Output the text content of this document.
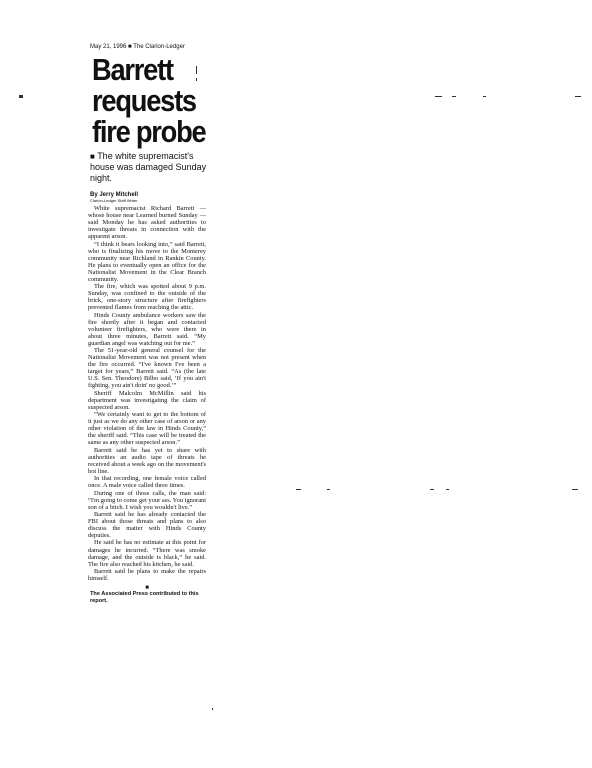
May 21, 1996 ■ The Clarion-Ledger
Barrett
requests
fire probe
■ The white supremacist's house was damaged Sunday night.
By Jerry Mitchell
Clarion-Ledger Staff Writer

White supremacist Richard Barrett — whose house near Learned burned Sunday — said Monday he has asked authorities to investigate threats in connection with the apparent arson.

“I think it bears looking into,” said Barrett, who is finalizing his move to the Monterey community near Richland in Rankin County. He plans to eventually open an office for the Nationalist Movement in the Clear Branch community.

The fire, which was spotted about 9 p.m. Sunday, was confined to the outside of the brick, one-story structure after firefighters prevented flames from reaching the attic.

Hinds County ambulance workers saw the fire shortly after it began and contacted volunteer firefighters, who were there in about three minutes, Barrett said. “My guardian angel was watching out for me.”

The 51-year-old general counsel for the Nationalist Movement was not present when the fire occurred. “I've known I've been a target for years,” Barrett said. “As (the late U.S. Sen. Theodore) Bilbo said, ‘If you ain't fighting, you ain't doin' no good.’”

Sheriff Malcolm McMillin said his department was investigating the claim of suspected arson.

“We certainly want to get to the bottom of it just as we do any other case of arson or any other violation of the law in Hinds County,” the sheriff said. “This case will be treated the same as any other suspected arson.”

Barrett said he has yet to share with authorities an audio tape of threats he received about a week ago on the movement's hot line.

In that recording, one female voice called once. A male voice called three times.

During one of those calls, the man said: “I'm going to come get your ass. You ignorant son of a bitch. I wish you wouldn't live.”

Barrett said he has already contacted the FBI about those threats and plans to also discuss the matter with Hinds County deputies.

He said he has no estimate at this point for damages he incurred. “There was smoke damage, and the outside is black,” he said. The fire also reached his kitchen, he said.

Barrett said he plans to make the repairs himself.

■
The Associated Press contributed to this report.
